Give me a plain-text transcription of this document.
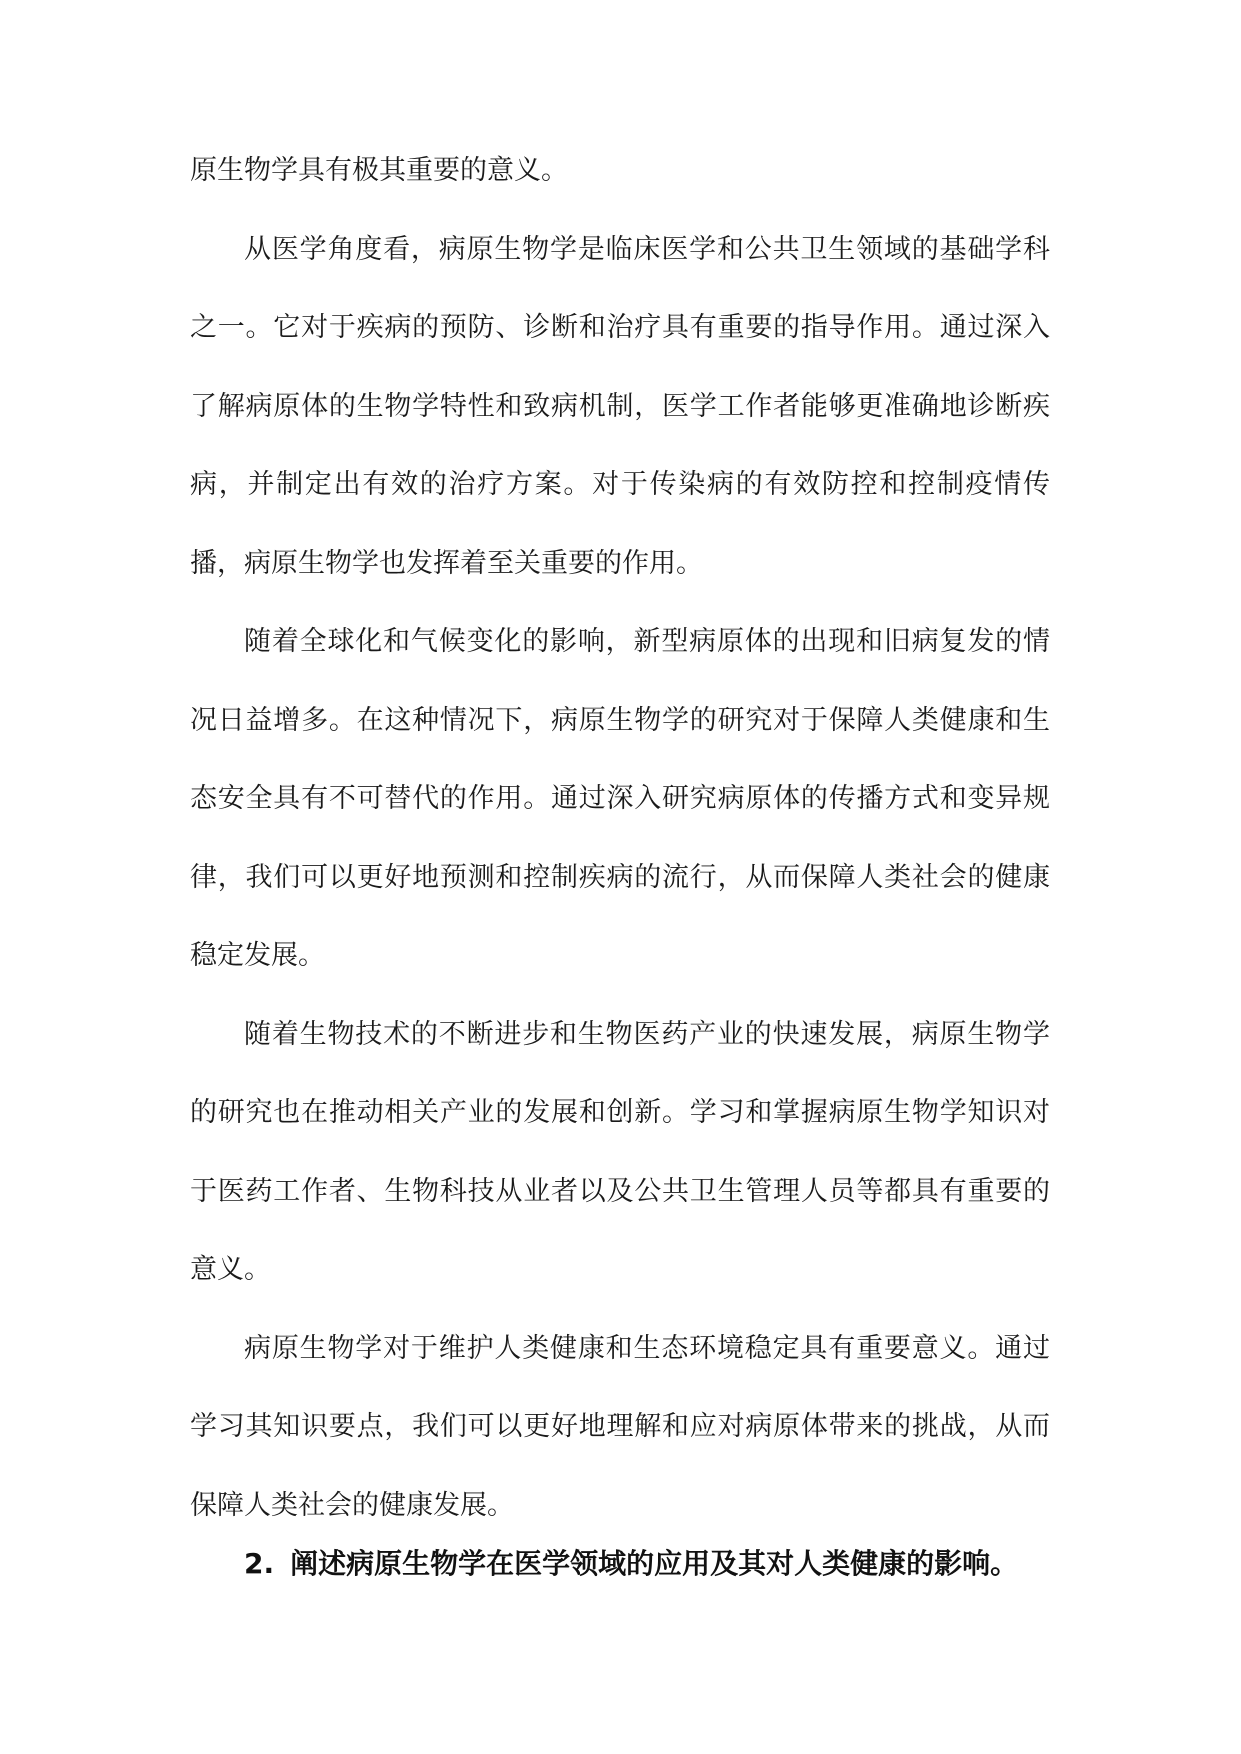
原生物学具有极其重要的意义。

从医学角度看，病原生物学是临床医学和公共卫生领域的基础学科之一。它对于疾病的预防、诊断和治疗具有重要的指导作用。通过深入了解病原体的生物学特性和致病机制，医学工作者能够更准确地诊断疾病，并制定出有效的治疗方案。对于传染病的有效防控和控制疫情传播，病原生物学也发挥着至关重要的作用。

随着全球化和气候变化的影响，新型病原体的出现和旧病复发的情况日益增多。在这种情况下，病原生物学的研究对于保障人类健康和生态安全具有不可替代的作用。通过深入研究病原体的传播方式和变异规律，我们可以更好地预测和控制疾病的流行，从而保障人类社会的健康稳定发展。

随着生物技术的不断进步和生物医药产业的快速发展，病原生物学的研究也在推动相关产业的发展和创新。学习和掌握病原生物学知识对于医药工作者、生物科技从业者以及公共卫生管理人员等都具有重要的意义。

病原生物学对于维护人类健康和生态环境稳定具有重要意义。通过学习其知识要点，我们可以更好地理解和应对病原体带来的挑战，从而保障人类社会的健康发展。

2. 阐述病原生物学在医学领域的应用及其对人类健康的影响。
